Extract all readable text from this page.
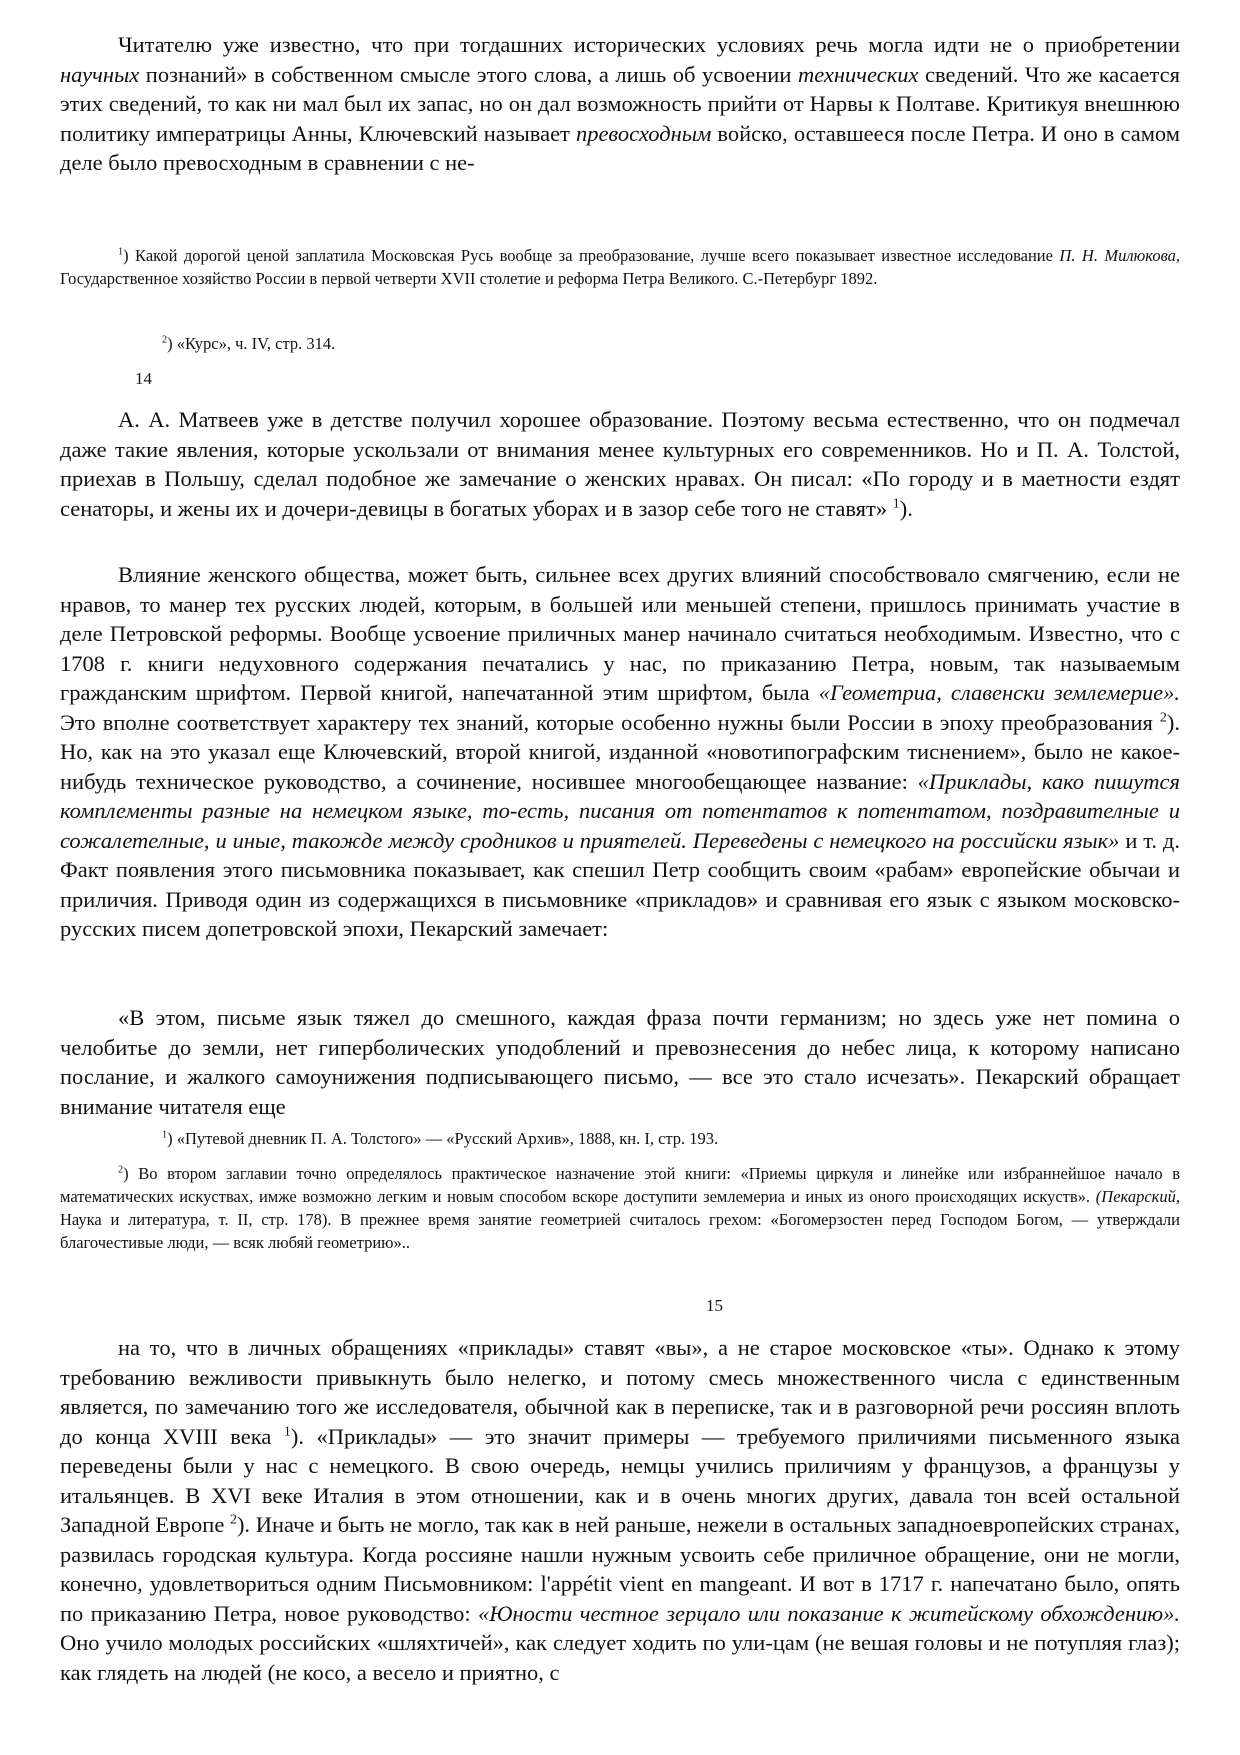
Читателю уже известно, что при тогдашних исторических условиях речь могла идти не о приобретении научных познаний» в собственном смысле этого слова, а лишь об усвоении технических сведений. Что же касается этих сведений, то как ни мал был их запас, но он дал возможность прийти от Нарвы к Полтаве. Критикуя внешнюю политику императрицы Анны, Ключевский называет превосходным войско, оставшееся после Петра. И оно в самом деле было превосходным в сравнении с не-

$^1$) Какой дорогой ценой заплатила Московская Русь вообще за преобразование, лучше всего показывает известное исследование П. Н. Милюкова, Государственное хозяйство России в первой четверти XVII столетие и реформа Петра Великого. С.-Петербург 1892.

$^2$) «Курс», ч. IV, стр. 314.

14

А. А. Матвеев уже в детстве получил хорошее образование. Поэтому весьма естественно, что он подмечал даже такие явления, которые ускользали от внимания менее культурных его современников. Но и П. А. Толстой, приехав в Польшу, сделал подобное же замечание о женских нравах. Он писал: «По городу и в маетности ездят сенаторы, и жены их и дочери-девицы в богатых уборах и в зазор себе того не ставят» $^1$).

Влияние женского общества, может быть, сильнее всех других влияний способствовало смягчению, если не нравов, то манер тех русских людей, которым, в большей или меньшей степени, пришлось принимать участие в деле Петровской реформы. Вообще усвоение приличных манер начинало считаться необходимым. Известно, что с 1708 г. книги недуховного содержания печатались у нас, по приказанию Петра, новым, так называемым гражданским шрифтом. Первой книгой, напечатанной этим шрифтом, была «Геометриа, славенски землемерие». Это вполне соответствует характеру тех знаний, которые особенно нужны были России в эпоху преобразования $^2$). Но, как на это указал еще Ключевский, второй книгой, изданной «новотипографским тиснением», было не какое-нибудь техническое руководство, а сочинение, носившее многообещающее название: «Приклады, како пишутся комплементы разные на немецком языке, то-есть, писания от потентатов к потентатом, поздравителные и сожалетелные, и иные, такожде между сродников и приятелей. Переведены с немецкого на российски язык» и т. д. Факт появления этого письмовника показывает, как спешил Петр сообщить своим «рабам» европейские обычаи и приличия. Приводя один из содержащихся в письмовнике «прикладов» и сравнивая его язык с языком московско-русских писем допетровской эпохи, Пекарский замечает:

«В этом, письме язык тяжел до смешного, каждая фраза почти германизм; но здесь уже нет помина о челобитье до земли, нет гиперболических уподоблений и превознесения до небес лица, к которому написано послание, и жалкого самоунижения подписывающего письмо, — все это стало исчезать». Пекарский обращает внимание читателя еще

$^1$) «Путевой дневник П. А. Толстого» — «Русский Архив», 1888, кн. I, стр. 193.

$^2$) Во втором заглавии точно определялось практическое назначение этой книги: «Приемы циркуля и линейке или избраннейшое начало в математических искуствах, имже возможно легким и новым способом вскоре доступити землемериа и иных из оного происходящих искуств». (Пекарский, Наука и литература, т. II, стр. 178). В прежнее время занятие геометрией считалось грехом: «Богомерзостен перед Господом Богом, — утверждали благочестивые люди, — всяк любяй геометрию»..

15

на то, что в личных обращениях «приклады» ставят «вы», а не старое московское «ты». Однако к этому требованию вежливости привыкнуть было нелегко, и потому смесь множественного числа с единственным является, по замечанию того же исследователя, обычной как в переписке, так и в разговорной речи россиян вплоть до конца XVIII века $^1$). «Приклады» — это значит примеры — требуемого приличиями письменного языка переведены были у нас с немецкого. В свою очередь, немцы учились приличиям у французов, а французы у итальянцев. В XVI веке Италия в этом отношении, как и в очень многих других, давала тон всей остальной Западной Европе $^2$). Иначе и быть не могло, так как в ней раньше, нежели в остальных западноевропейских странах, развилась городская культура. Когда россияне нашли нужным усвоить себе приличное обращение, они не могли, конечно, удовлетвориться одним Письмовником: l'appétit vient en mangeant. И вот в 1717 г. напечатано было, опять по приказанию Петра, новое руководство: «Юности честное зерцало или показание к житейскому обхождению». Оно учило молодых российских «шляхтичей», как следует ходить по ули-цам (не вешая головы и не потупляя глаз); как глядеть на людей (не косо, а весело и приятно, с
